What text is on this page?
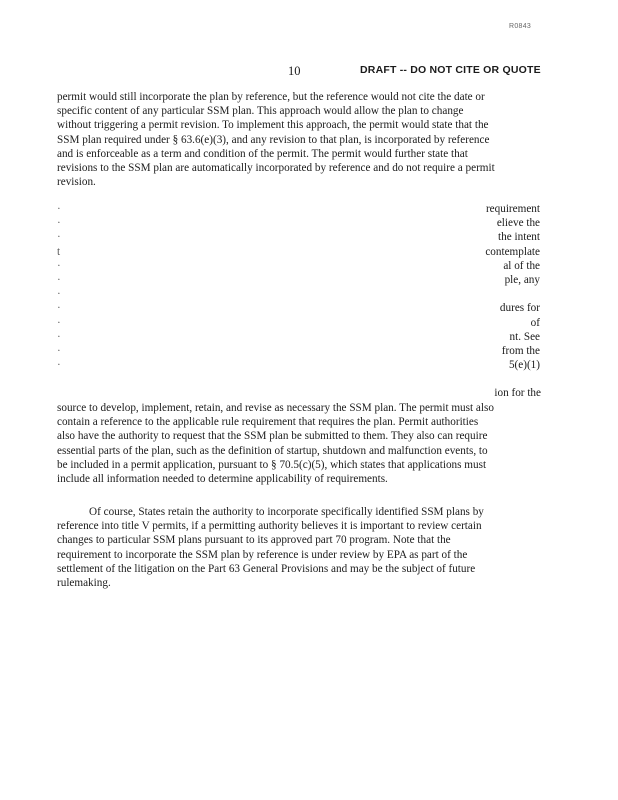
R0843
10	DRAFT -- DO NOT CITE OR QUOTE
permit would still incorporate the plan by reference, but the reference would not cite the date or
specific content of any particular SSM plan. This approach would allow the plan to change
without triggering a permit revision. To implement this approach, the permit would state that the
SSM plan required under § 63.6(e)(3), and any revision to that plan, is incorporated by reference
and is enforceable as a term and condition of the permit. The permit would further state that
revisions to the SSM plan are automatically incorporated by reference and do not require a permit
revision.
·
·
·
t
·
·
·
·
·
·
·
·
requirement
elieve the
the intent
contemplate
al of the
ple, any
dures for
of
nt. See
from the
5(e)(1)
ion for the
source to develop, implement, retain, and revise as necessary the SSM plan. The permit must also
contain a reference to the applicable rule requirement that requires the plan. Permit authorities
also have the authority to request that the SSM plan be submitted to them. They also can require
essential parts of the plan, such as the definition of startup, shutdown and malfunction events, to
be included in a permit application, pursuant to § 70.5(c)(5), which states that applications must
include all information needed to determine applicability of requirements.
Of course, States retain the authority to incorporate specifically identified SSM plans by
reference into title V permits, if a permitting authority believes it is important to review certain
changes to particular SSM plans pursuant to its approved part 70 program. Note that the
requirement to incorporate the SSM plan by reference is under review by EPA as part of the
settlement of the litigation on the Part 63 General Provisions and may be the subject of future
rulemaking.
